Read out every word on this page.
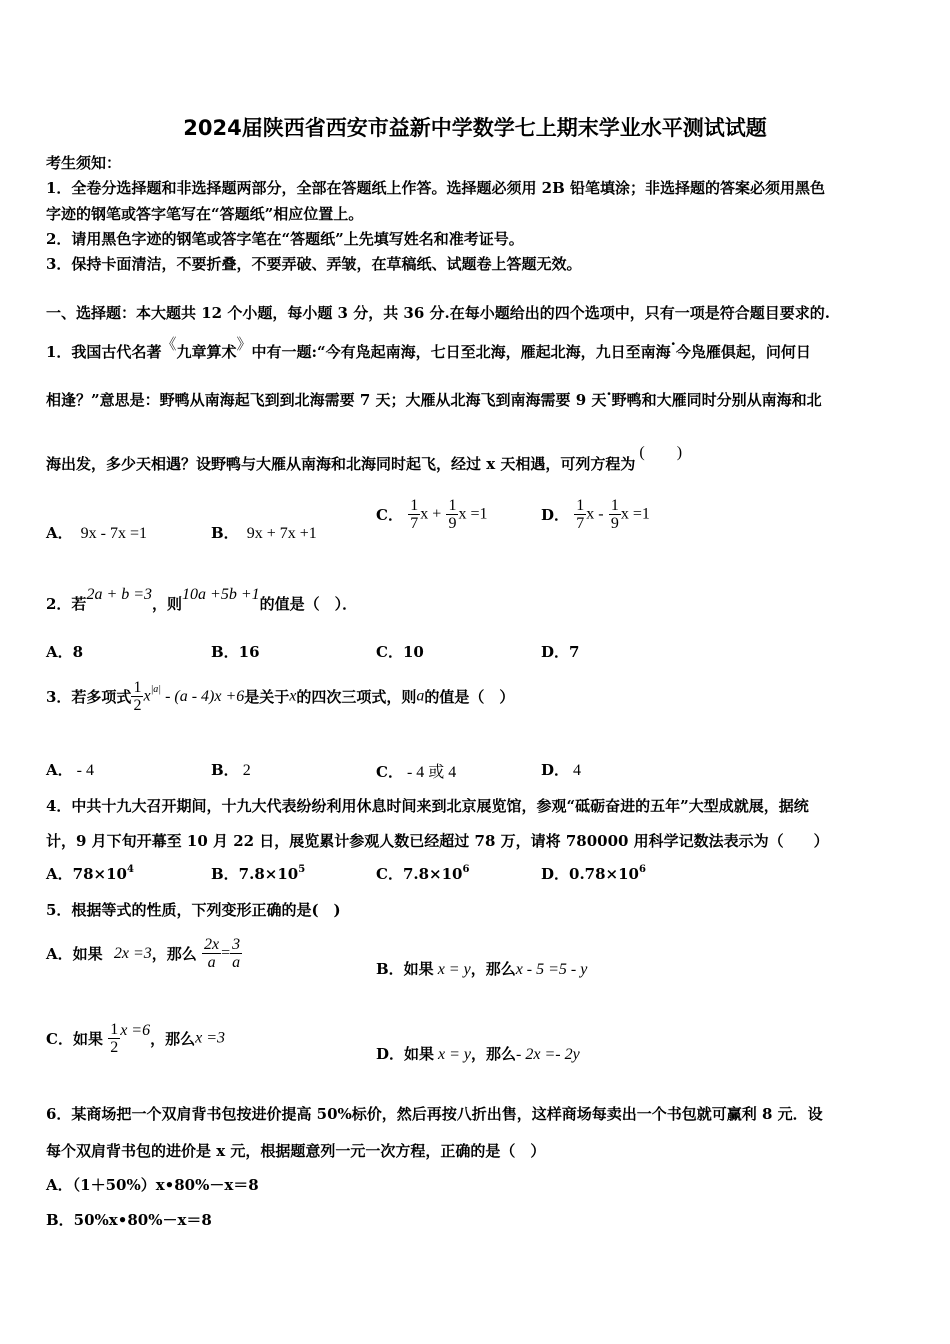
2024届陕西省西安市益新中学数学七上期末学业水平测试试题
考生须知：
1．全卷分选择题和非选择题两部分，全部在答题纸上作答。选择题必须用 2B 铅笔填涂；非选择题的答案必须用黑色
字迹的钢笔或答字笔写在“答题纸”相应位置上。
2．请用黑色字迹的钢笔或答字笔在“答题纸”上先填写姓名和准考证号。
3．保持卡面清洁，不要折叠，不要弄破、弄皱，在草稿纸、试题卷上答题无效。
一、选择题：本大题共 12 个小题，每小题 3 分，共 36 分.在每小题给出的四个选项中，只有一项是符合题目要求的.
1．我国古代名著《九章算术》中有一题:“今有凫起南海，七日至北海，雁起北海，九日至南海·今凫雁俱起，问何日
相逢？”意思是：野鸭从南海起飞到到北海需要 7 天；大雁从北海飞到南海需要 9 天·野鸭和大雁同时分别从南海和北
海出发，多少天相遇？设野鸭与大雁从南海和北海同时起飞，经过 x 天相遇，可列方程为(　　)
A． 9x - 7x =1	B． 9x + 7x +1
C． $\frac{1}{7}$ $x + \frac{1}{9}$ x =1	D． $\frac{1}{7}$ x - $\frac{1}{9}$ x =1
2．若2a + b =3，则10a +5b +1的值是（　）．
A．8	B．16	C．10	D．7
3．若多项式 $\frac{1}{2} x^{|a|} - (a - 4)x +6$是关于x的四次三项式，则a的值是（　）
A． - 4	B． 2	C． - 4 或 4	D． 4
4．中共十九大召开期间，十九大代表纷纷利用休息时间来到北京展览馆，参观“砥砺奋进的五年”大型成就展，据统
计，9 月下旬开幕至 10 月 22 日，展览累计参观人数已经超过 78 万，请将 780000 用科学记数法表示为（　　）
A．$78\times 10^4$	B．$7.8\times 10^5$	C．$7.8\times 10^6$	D．$0.78\times 10^6$
5．根据等式的性质，下列变形正确的是(　)
A．如果 2x =3，那么 $\frac{2x}{a} = \frac{3}{a}$	B．如果 x = y，那么x - 5 =5 - y
C．如果 $\frac{1}{2}$ x =6，那么x =3
D．如果 x = y，那么- 2x =- 2y
6．某商场把一个双肩背书包按进价提高 50%标价，然后再按八折出售，这样商场每卖出一个书包就可赢利 8 元．设
每个双肩背书包的进价是 x 元，根据题意列一元一次方程，正确的是（　）
A．（1＋50%）x•80%－x＝8
B．50%x•80%－x＝8
